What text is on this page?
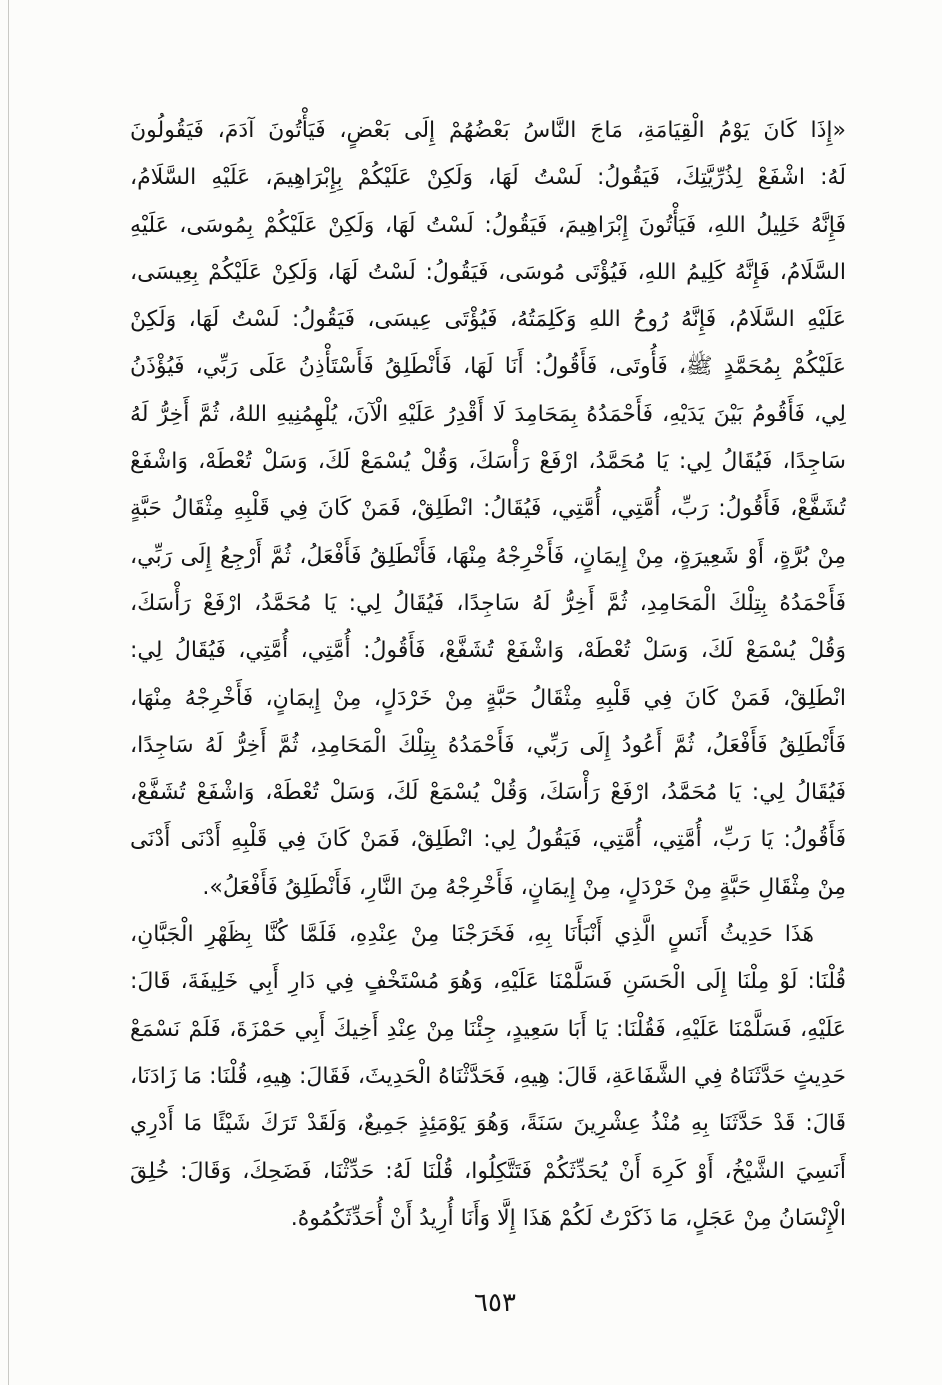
«إِذَا كَانَ يَوْمُ الْقِيَامَةِ، مَاجَ النَّاسُ بَعْضُهُمْ إِلَى بَعْضٍ، فَيَأْتُونَ آدَمَ، فَيَقُولُونَ
لَهُ: اشْفَعْ لِذُرِّيَّتِكَ، فَيَقُولُ: لَسْتُ لَهَا، وَلَكِنْ عَلَيْكُمْ بِإِبْرَاهِيمَ، عَلَيْهِ السَّلَامُ،
فَإِنَّهُ خَلِيلُ اللهِ، فَيَأْتُونَ إِبْرَاهِيمَ، فَيَقُولُ: لَسْتُ لَهَا، وَلَكِنْ عَلَيْكُمْ بِمُوسَى، عَلَيْهِ
السَّلَامُ، فَإِنَّهُ كَلِيمُ اللهِ، فَيُؤْتَى مُوسَى، فَيَقُولُ: لَسْتُ لَهَا، وَلَكِنْ عَلَيْكُمْ بِعِيسَى،
عَلَيْهِ السَّلَامُ، فَإِنَّهُ رُوحُ اللهِ وَكَلِمَتُهُ، فَيُؤْتَى عِيسَى، فَيَقُولُ: لَسْتُ لَهَا، وَلَكِنْ
عَلَيْكُمْ بِمُحَمَّدٍ ﷺ، فَأُوتَى، فَأَقُولُ: أَنَا لَهَا، فَأَنْطَلِقُ فَأَسْتَأْذِنُ عَلَى رَبِّي، فَيُؤْذَنُ
لِي، فَأَقُومُ بَيْنَ يَدَيْهِ، فَأَحْمَدُهُ بِمَحَامِدَ لَا أَقْدِرُ عَلَيْهِ الْآنَ، يُلْهِمُنِيهِ اللهُ، ثُمَّ أَخِرُّ لَهُ
سَاجِدًا، فَيُقَالُ لِي: يَا مُحَمَّدُ، ارْفَعْ رَأْسَكَ، وَقُلْ يُسْمَعْ لَكَ، وَسَلْ تُعْطَهْ، وَاشْفَعْ
تُشَفَّعْ، فَأَقُولُ: رَبِّ، أُمَّتِي، أُمَّتِي، فَيُقَالُ: انْطَلِقْ، فَمَنْ كَانَ فِي قَلْبِهِ مِثْقَالُ حَبَّةٍ
مِنْ بُرَّةٍ، أَوْ شَعِيرَةٍ، مِنْ إِيمَانٍ، فَأَخْرِجْهُ مِنْهَا، فَأَنْطَلِقُ فَأَفْعَلُ، ثُمَّ أَرْجِعُ إِلَى رَبِّي،
فَأَحْمَدُهُ بِتِلْكَ الْمَحَامِدِ، ثُمَّ أَخِرُّ لَهُ سَاجِدًا، فَيُقَالُ لِي: يَا مُحَمَّدُ، ارْفَعْ رَأْسَكَ،
وَقُلْ يُسْمَعْ لَكَ، وَسَلْ تُعْطَهْ، وَاشْفَعْ تُشَفَّعْ، فَأَقُولُ: أُمَّتِي، أُمَّتِي، فَيُقَالُ لِي:
انْطَلِقْ، فَمَنْ كَانَ فِي قَلْبِهِ مِثْقَالُ حَبَّةٍ مِنْ خَرْدَلٍ، مِنْ إِيمَانٍ، فَأَخْرِجْهُ مِنْهَا،
فَأَنْطَلِقُ فَأَفْعَلُ، ثُمَّ أَعُودُ إِلَى رَبِّي، فَأَحْمَدُهُ بِتِلْكَ الْمَحَامِدِ، ثُمَّ أَخِرُّ لَهُ سَاجِدًا،
فَيُقَالُ لِي: يَا مُحَمَّدُ، ارْفَعْ رَأْسَكَ، وَقُلْ يُسْمَعْ لَكَ، وَسَلْ تُعْطَهْ، وَاشْفَعْ تُشَفَّعْ،
فَأَقُولُ: يَا رَبِّ، أُمَّتِي، أُمَّتِي، فَيَقُولُ لِي: انْطَلِقْ، فَمَنْ كَانَ فِي قَلْبِهِ أَدْنَى أَدْنَى
مِنْ مِثْقَالِ حَبَّةٍ مِنْ خَرْدَلٍ، مِنْ إِيمَانٍ، فَأَخْرِجْهُ مِنَ النَّارِ، فَأَنْطَلِقُ فَأَفْعَلُ».
هَذَا حَدِيثُ أَنَسٍ الَّذِي أَنْبَأَنَا بِهِ، فَخَرَجْنَا مِنْ عِنْدِهِ، فَلَمَّا كُنَّا بِظَهْرِ الْجَبَّانِ،
قُلْنَا: لَوْ مِلْنَا إِلَى الْحَسَنِ فَسَلَّمْنَا عَلَيْهِ، وَهُوَ مُسْتَخْفٍ فِي دَارِ أَبِي خَلِيفَةَ، قَالَ:
عَلَيْهِ، فَسَلَّمْنَا عَلَيْهِ، فَقُلْنَا: يَا أَبَا سَعِيدٍ، جِئْنَا مِنْ عِنْدِ أَخِيكَ أَبِي حَمْزَةَ، فَلَمْ نَسْمَعْ
حَدِيثٍ حَدَّثَنَاهُ فِي الشَّفَاعَةِ، قَالَ: هِيهِ، فَحَدَّثْنَاهُ الْحَدِيثَ، فَقَالَ: هِيهِ، قُلْنَا: مَا زَادَنَا،
قَالَ: قَدْ حَدَّثَنَا بِهِ مُنْذُ عِشْرِينَ سَنَةً، وَهُوَ يَوْمَئِذٍ جَمِيعٌ، وَلَقَدْ تَرَكَ شَيْئًا مَا أَدْرِي
أَنَسِيَ الشَّيْخُ، أَوْ كَرِهَ أَنْ يُحَدِّثَكُمْ فَتَتَّكِلُوا، قُلْنَا لَهُ: حَدِّثْنَا، فَضَحِكَ، وَقَالَ: خُلِقَ
الْإِنْسَانُ مِنْ عَجَلٍ، مَا ذَكَرْتُ لَكُمْ هَذَا إِلَّا وَأَنَا أُرِيدُ أَنْ أُحَدِّثَكُمُوهُ.
٦٥٣
